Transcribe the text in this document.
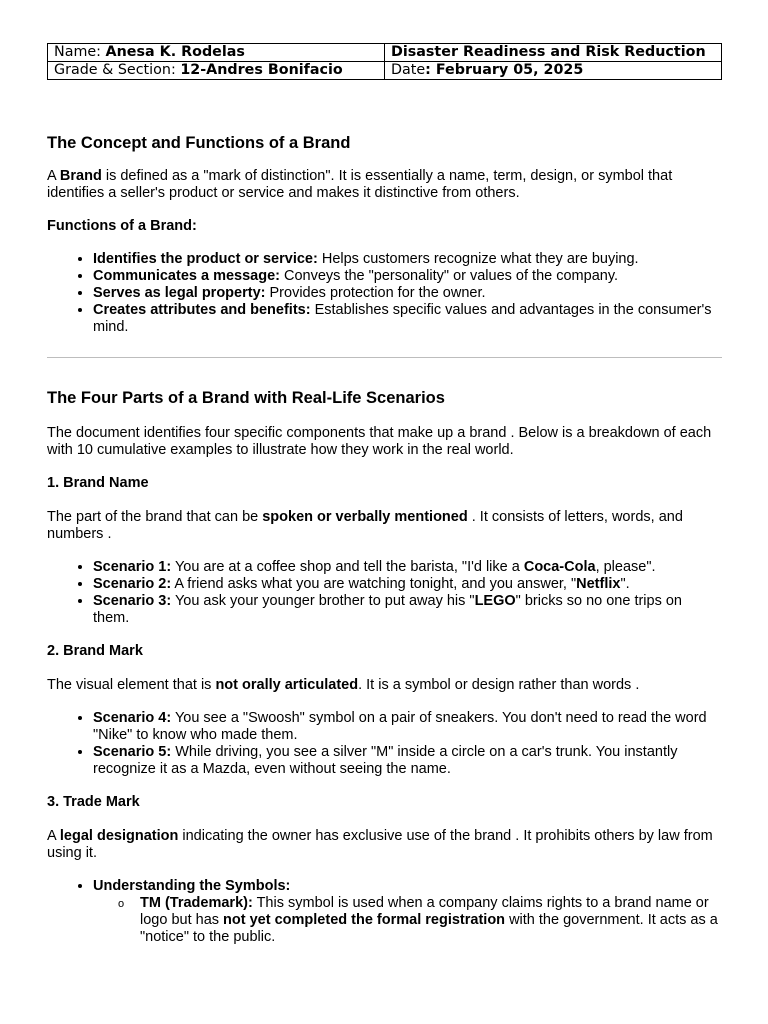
Name: Anesa K. Rodelas	Disaster Readiness and Risk Reduction
Grade & Section: 12-Andres Bonifacio	Date: February 05, 2025
The Concept and Functions of a Brand

A Brand is defined as a "mark of distinction". It is essentially a name, term, design, or symbol that identifies a seller's product or service and makes it distinctive from others.

Functions of a Brand:

• Identifies the product or service: Helps customers recognize what they are buying.
• Communicates a message: Conveys the "personality" or values of the company.
• Serves as legal property: Provides protection for the owner.
• Creates attributes and benefits: Establishes specific values and advantages in the consumer's mind.
The Four Parts of a Brand with Real-Life Scenarios

The document identifies four specific components that make up a brand . Below is a breakdown of each with 10 cumulative examples to illustrate how they work in the real world.

1. Brand Name

The part of the brand that can be spoken or verbally mentioned . It consists of letters, words, and numbers .

• Scenario 1: You are at a coffee shop and tell the barista, "I'd like a Coca-Cola, please".
• Scenario 2: A friend asks what you are watching tonight, and you answer, "Netflix".
• Scenario 3: You ask your younger brother to put away his "LEGO" bricks so no one trips on them.

2. Brand Mark

The visual element that is not orally articulated. It is a symbol or design rather than words .

• Scenario 4: You see a "Swoosh" symbol on a pair of sneakers. You don't need to read the word "Nike" to know who made them.
• Scenario 5: While driving, you see a silver "M" inside a circle on a car's trunk. You instantly recognize it as a Mazda, even without seeing the name.

3. Trade Mark

A legal designation indicating the owner has exclusive use of the brand . It prohibits others by law from using it.

• Understanding the Symbols:
o TM (Trademark): This symbol is used when a company claims rights to a brand name or logo but has not yet completed the formal registration with the government. It acts as a "notice" to the public.
